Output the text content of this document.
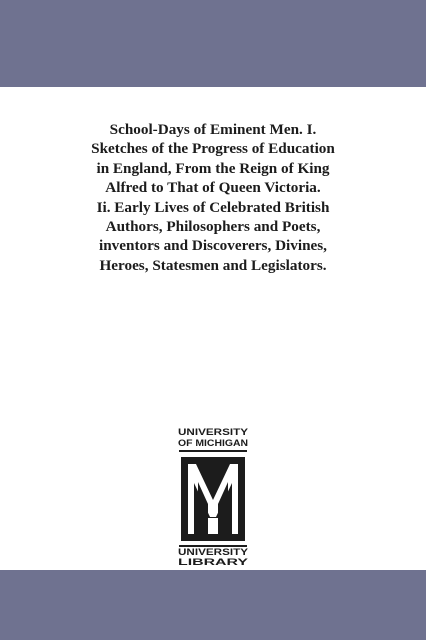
School-Days of Eminent Men. I.
Sketches of the Progress of Education
in England, From the Reign of King
Alfred to That of Queen Victoria.
Ii. Early Lives of Celebrated British
Authors, Philosophers and Poets,
inventors and Discoverers, Divines,
Heroes, Statesmen and Legislators.
UNIVERSITY
OF MICHIGAN
UNIVERSITY
LIBRARY
